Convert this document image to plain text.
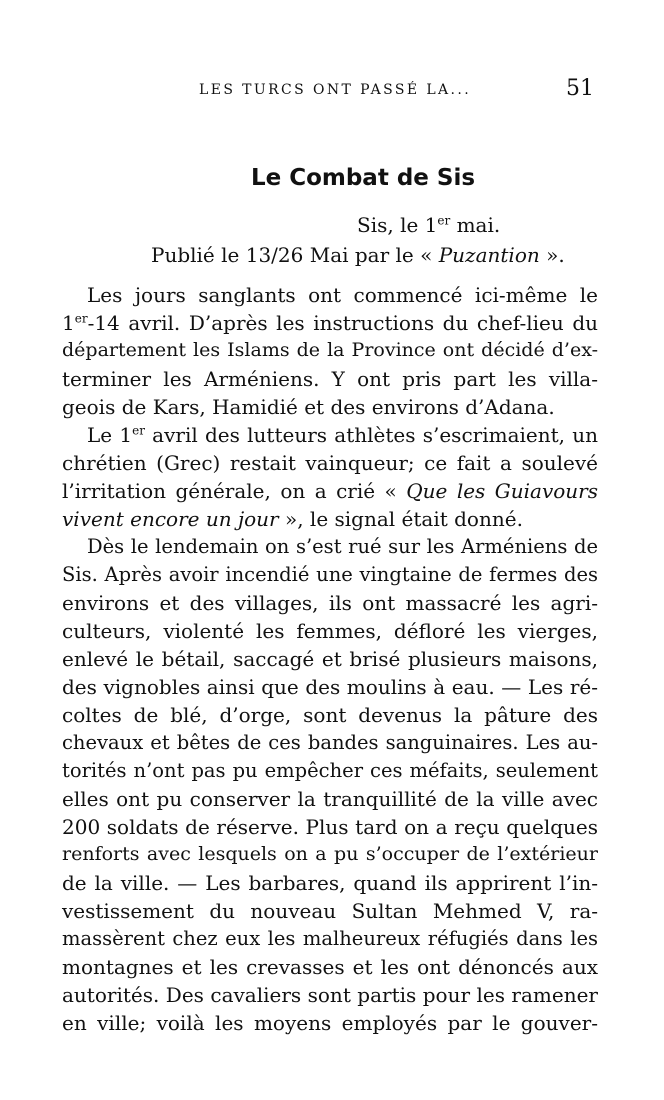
LES TURCS ONT PASSÉ LA...	51
Le Combat de Sis
Sis, le 1er mai.
Publié le 13/26 Mai par le « Puzantion ».
Les jours sanglants ont commencé ici-même le
1er-14 avril. D’après les instructions du chef-lieu du
département les Islams de la Province ont décidé d’ex-
terminer les Arméniens. Y ont pris part les villa-
geois de Kars, Hamidié et des environs d’Adana.
Le 1er avril des lutteurs athlètes s’escrimaient, un
chrétien (Grec) restait vainqueur; ce fait a soulevé
l’irritation générale, on a crié « Que les Guiavours
vivent encore un jour », le signal était donné.
Dès le lendemain on s’est rué sur les Arméniens de
Sis. Après avoir incendié une vingtaine de fermes des
environs et des villages, ils ont massacré les agri-
culteurs, violenté les femmes, défloré les vierges,
enlevé le bétail, saccagé et brisé plusieurs maisons,
des vignobles ainsi que des moulins à eau. — Les ré-
coltes de blé, d’orge, sont devenus la pâture des
chevaux et bêtes de ces bandes sanguinaires. Les au-
torités n’ont pas pu empêcher ces méfaits, seulement
elles ont pu conserver la tranquillité de la ville avec
200 soldats de réserve. Plus tard on a reçu quelques
renforts avec lesquels on a pu s’occuper de l’extérieur
de la ville. — Les barbares, quand ils apprirent l’in-
vestissement du nouveau Sultan Mehmed V, ra-
massèrent chez eux les malheureux réfugiés dans les
montagnes et les crevasses et les ont dénoncés aux
autorités. Des cavaliers sont partis pour les ramener
en ville; voilà les moyens employés par le gouver-
